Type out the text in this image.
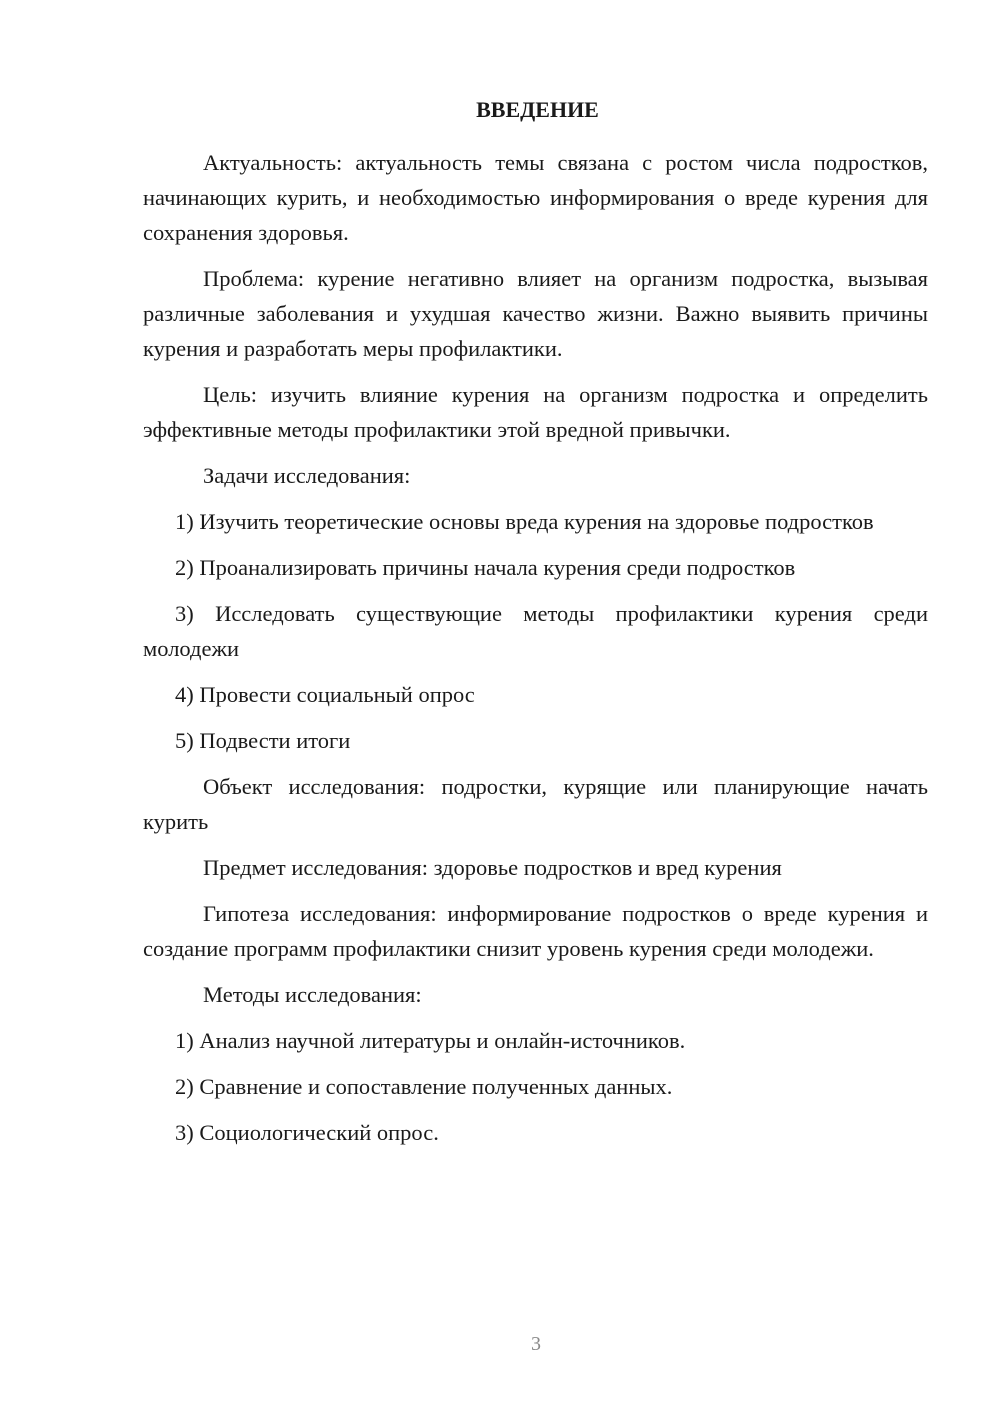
ВВЕДЕНИЕ

Актуальность: актуальность темы связана с ростом числа подростков, начинающих курить, и необходимостью информирования о вреде курения для сохранения здоровья.

Проблема: курение негативно влияет на организм подростка, вызывая различные заболевания и ухудшая качество жизни. Важно выявить причины курения и разработать меры профилактики.

Цель: изучить влияние курения на организм подростка и определить эффективные методы профилактики этой вредной привычки.

Задачи исследования:

1) Изучить теоретические основы вреда курения на здоровье подростков

2) Проанализировать причины начала курения среди подростков

3) Исследовать существующие методы профилактики курения среди молодежи

4) Провести социальный опрос

5) Подвести итоги

Объект исследования: подростки, курящие или планирующие начать курить

Предмет исследования: здоровье подростков и вред курения

Гипотеза исследования: информирование подростков о вреде курения и создание программ профилактики снизит уровень курения среди молодежи.

Методы исследования:

1) Анализ научной литературы и онлайн-источников.

2) Сравнение и сопоставление полученных данных.

3) Социологический опрос.

3
